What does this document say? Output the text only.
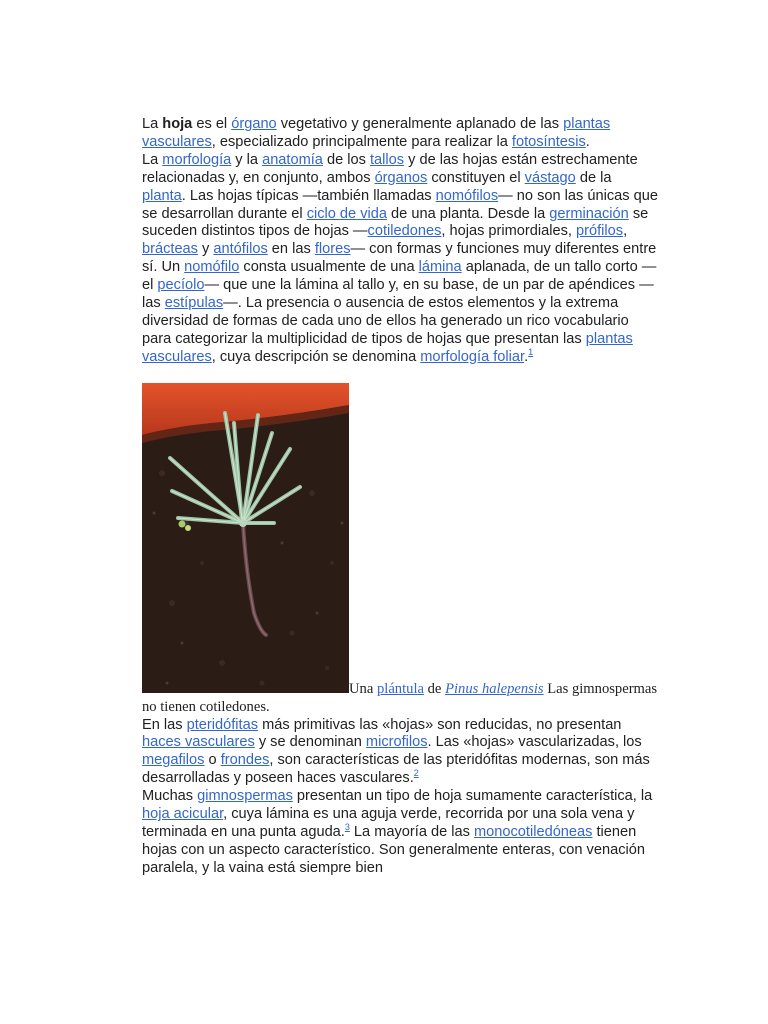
La hoja es el órgano vegetativo y generalmente aplanado de las plantas vasculares, especializado principalmente para realizar la fotosíntesis.
La morfología y la anatomía de los tallos y de las hojas están estrechamente relacionadas y, en conjunto, ambos órganos constituyen el vástago de la planta. Las hojas típicas —también llamadas nomófilos— no son las únicas que se desarrollan durante el ciclo de vida de una planta. Desde la germinación se suceden distintos tipos de hojas —cotiledones, hojas primordiales, prófilos, brácteas y antófilos en las flores— con formas y funciones muy diferentes entre sí. Un nomófilo consta usualmente de una lámina aplanada, de un tallo corto —el pecíolo— que une la lámina al tallo y, en su base, de un par de apéndices —las estípulas—. La presencia o ausencia de estos elementos y la extrema diversidad de formas de cada uno de ellos ha generado un rico vocabulario para categorizar la multiplicidad de tipos de hojas que presentan las plantas vasculares, cuya descripción se denomina morfología foliar.$^1$

Una plántula de Pinus halepensis Las gimnospermas no tienen cotiledones.

En las pteridófitas más primitivas las «hojas» son reducidas, no presentan haces vasculares y se denominan microfilos. Las «hojas» vascularizadas, los megafilos o frondes, son características de las pteridófitas modernas, son más desarrolladas y poseen haces vasculares.$^2$
Muchas gimnospermas presentan un tipo de hoja sumamente característica, la hoja acicular, cuya lámina es una aguja verde, recorrida por una sola vena y terminada en una punta aguda.$^3$ La mayoría de las monocotiledóneas tienen hojas con un aspecto característico. Son generalmente enteras, con venación paralela, y la vaina está siempre bien
